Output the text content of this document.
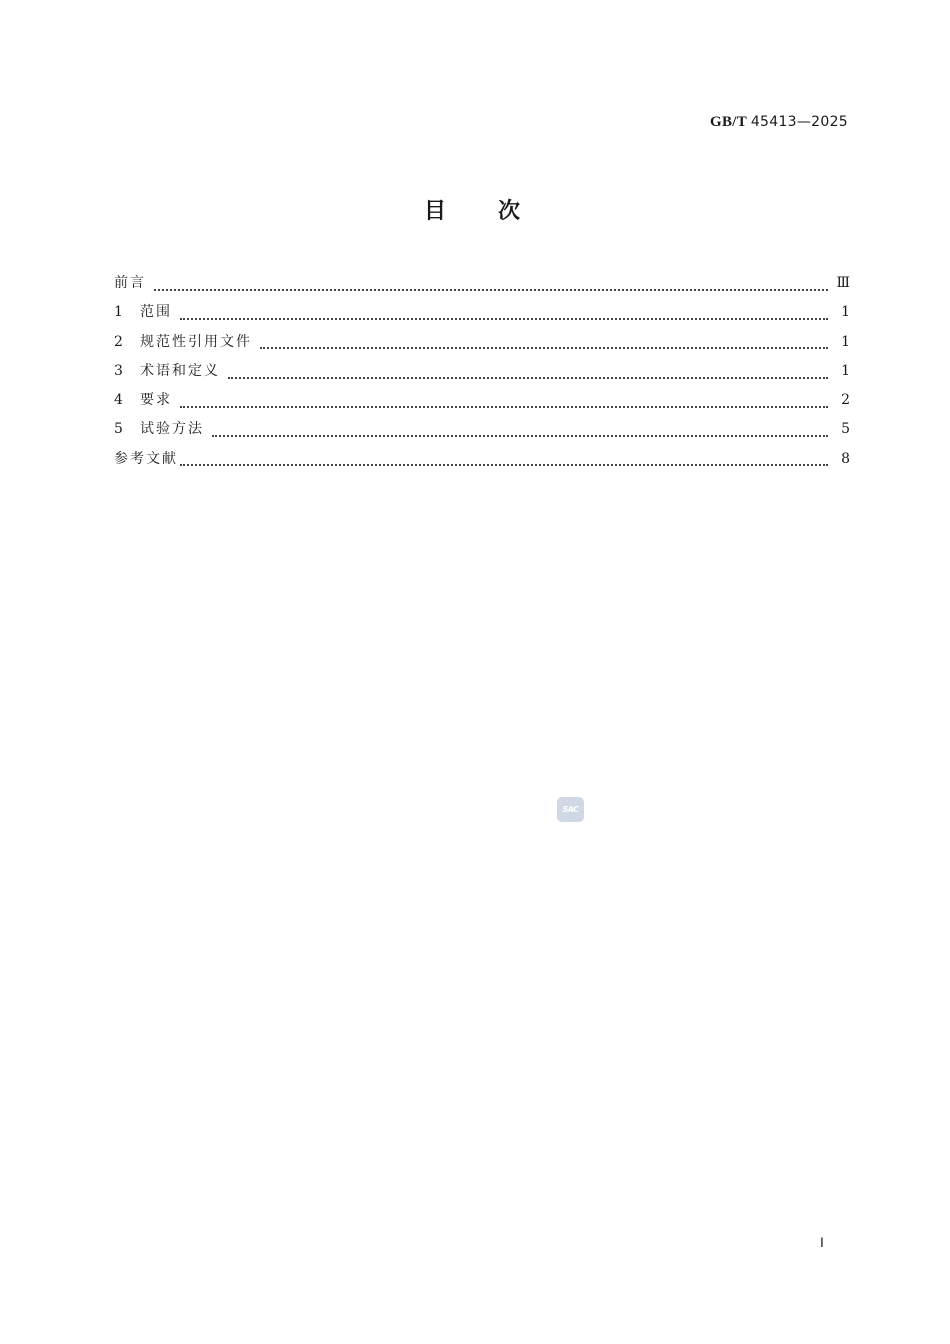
GB/T 45413—2025
目次
前言	Ⅲ
1	范围	1
2	规范性引用文件	1
3	术语和定义	1
4	要求	2
5	试验方法	5
参考文献	8
SAC
Ⅰ
